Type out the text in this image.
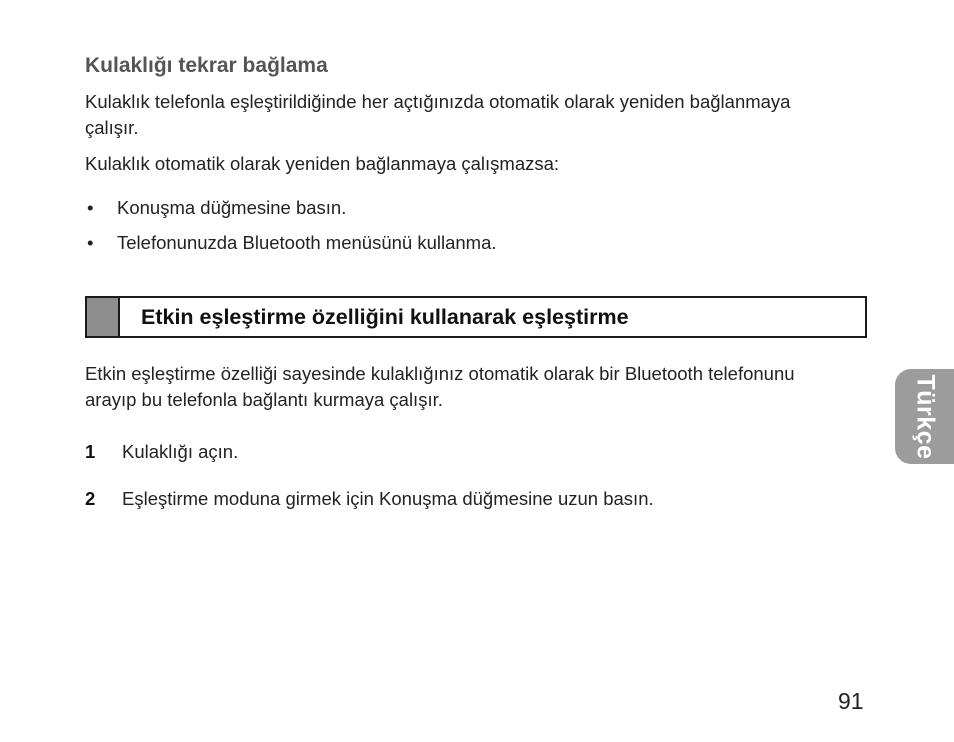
Kulaklığı tekrar bağlama
Kulaklık telefonla eşleştirildiğinde her açtığınızda otomatik olarak yeniden bağlanmaya çalışır.
Kulaklık otomatik olarak yeniden bağlanmaya çalışmazsa:
• Konuşma düğmesine basın.
• Telefonunuzda Bluetooth menüsünü kullanma.
Etkin eşleştirme özelliğini kullanarak eşleştirme
Etkin eşleştirme özelliği sayesinde kulaklığınız otomatik olarak bir Bluetooth telefonunu arayıp bu telefonla bağlantı kurmaya çalışır.
1 Kulaklığı açın.
2 Eşleştirme moduna girmek için Konuşma düğmesine uzun basın.
Türkçe
91
